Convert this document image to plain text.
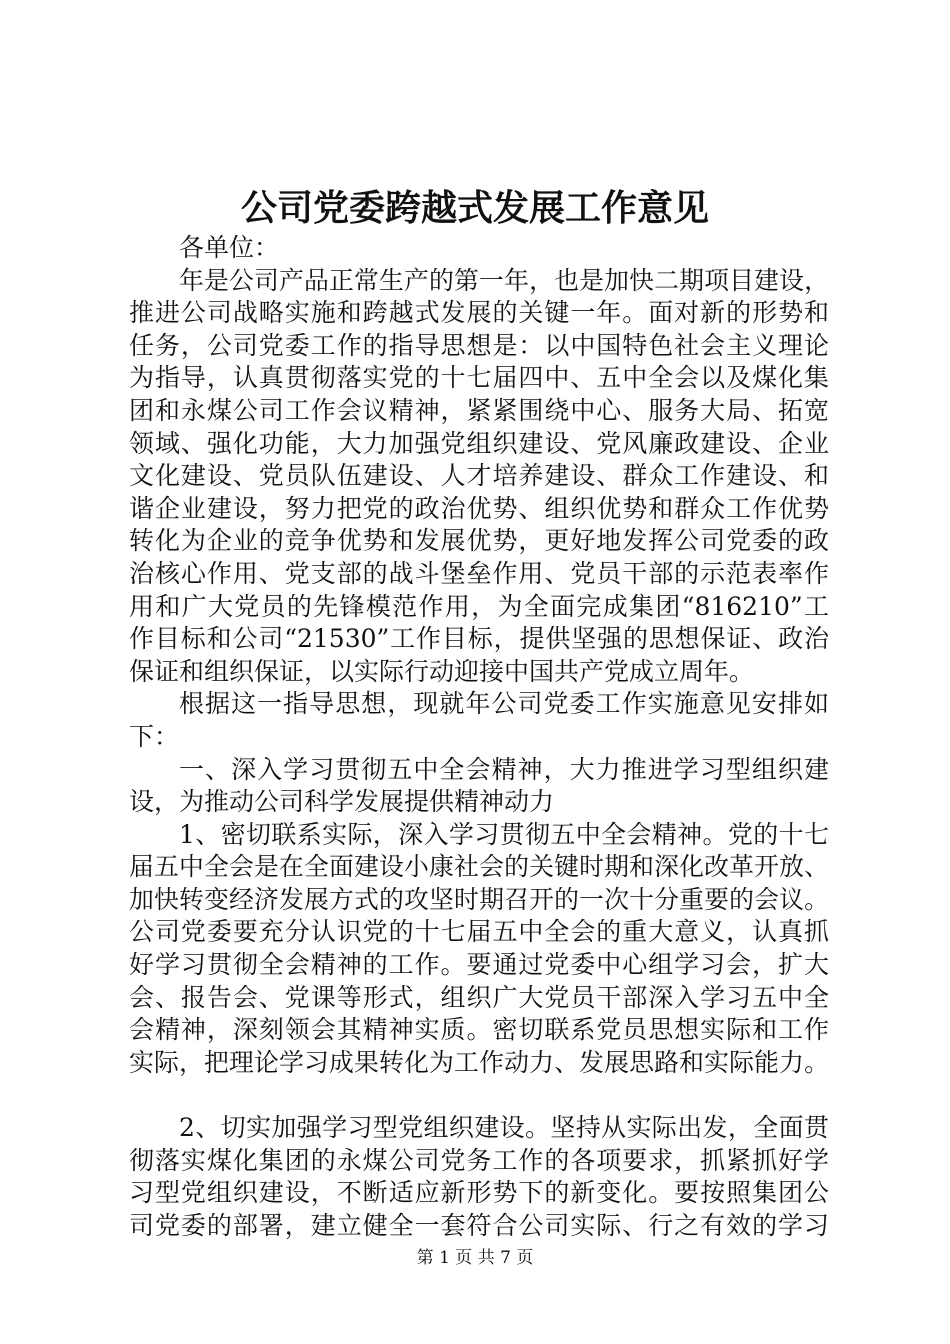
公司党委跨越式发展工作意见
各单位：
年是公司产品正常生产的第一年，也是加快二期项目建设，
推进公司战略实施和跨越式发展的关键一年。面对新的形势和
任务，公司党委工作的指导思想是：以中国特色社会主义理论
为指导，认真贯彻落实党的十七届四中、五中全会以及煤化集
团和永煤公司工作会议精神，紧紧围绕中心、服务大局、拓宽
领域、强化功能，大力加强党组织建设、党风廉政建设、企业
文化建设、党员队伍建设、人才培养建设、群众工作建设、和
谐企业建设，努力把党的政治优势、组织优势和群众工作优势
转化为企业的竞争优势和发展优势，更好地发挥公司党委的政
治核心作用、党支部的战斗堡垒作用、党员干部的示范表率作
用和广大党员的先锋模范作用，为全面完成集团“816210”工
作目标和公司“21530”工作目标，提供坚强的思想保证、政治
保证和组织保证，以实际行动迎接中国共产党成立周年。
根据这一指导思想，现就年公司党委工作实施意见安排如
下：
一、深入学习贯彻五中全会精神，大力推进学习型组织建
设，为推动公司科学发展提供精神动力
1、密切联系实际，深入学习贯彻五中全会精神。党的十七
届五中全会是在全面建设小康社会的关键时期和深化改革开放、
加快转变经济发展方式的攻坚时期召开的一次十分重要的会议。
公司党委要充分认识党的十七届五中全会的重大意义，认真抓
好学习贯彻全会精神的工作。要通过党委中心组学习会，扩大
会、报告会、党课等形式，组织广大党员干部深入学习五中全
会精神，深刻领会其精神实质。密切联系党员思想实际和工作
实际，把理论学习成果转化为工作动力、发展思路和实际能力。
2、切实加强学习型党组织建设。坚持从实际出发，全面贯
彻落实煤化集团的永煤公司党务工作的各项要求，抓紧抓好学
习型党组织建设，不断适应新形势下的新变化。要按照集团公
司党委的部署，建立健全一套符合公司实际、行之有效的学习
第 1 页 共 7 页
